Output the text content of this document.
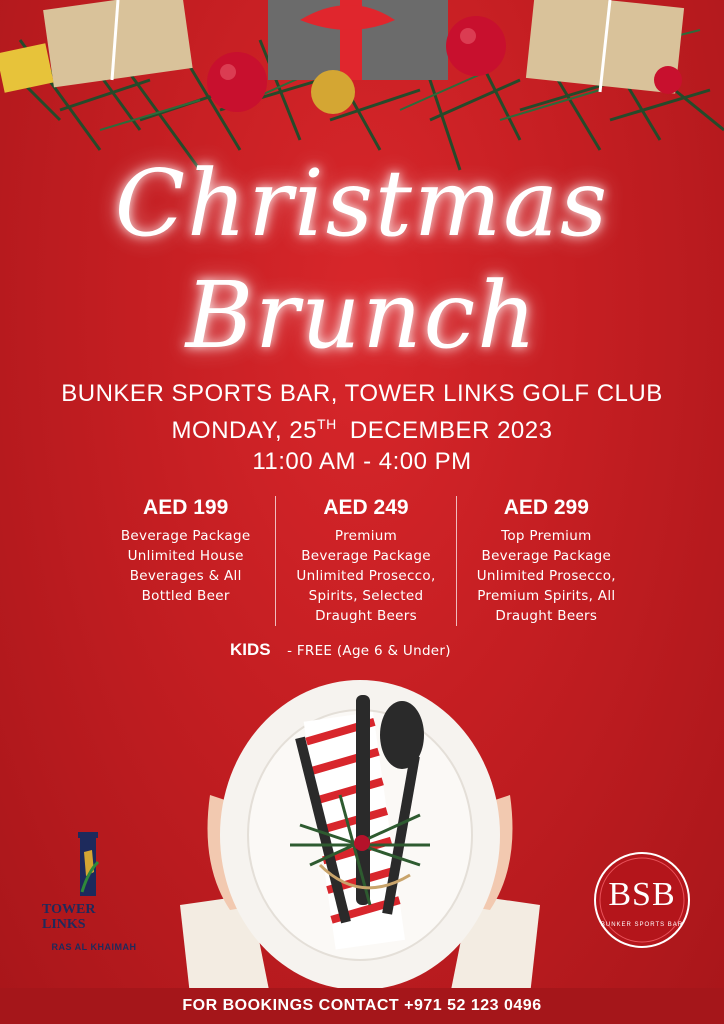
Christmas
Brunch
BUNKER SPORTS BAR, TOWER LINKS GOLF CLUB
MONDAY, 25TH DECEMBER 2023
11:00 AM - 4:00 PM
AED 199
Beverage Package
Unlimited House
Beverages & All
Bottled Beer
AED 249
Premium
Beverage Package
Unlimited Prosecco,
Spirits, Selected
Draught Beers
AED 299
Top Premium
Beverage Package
Unlimited Prosecco,
Premium Spirits, All
Draught Beers
KIDS - FREE (Age 6 & Under)
TOWER
LINKS
RAS AL KHAIMAH
BSB
BUNKER SPORTS BAR
FOR BOOKINGS CONTACT +971 52 123 0496
